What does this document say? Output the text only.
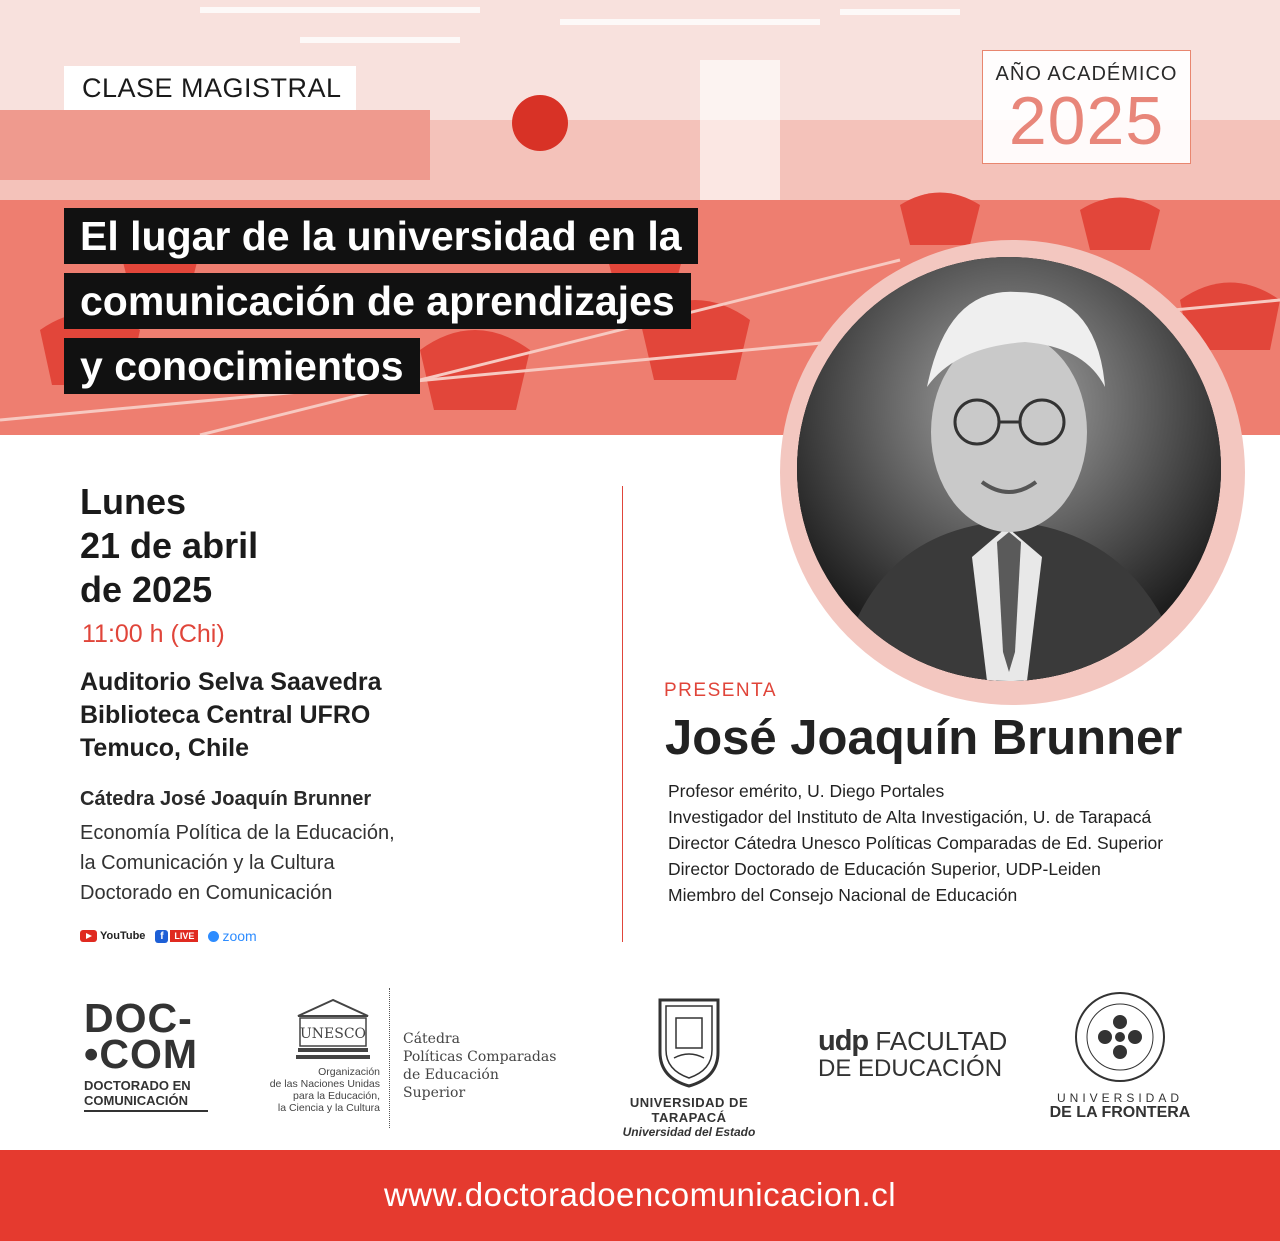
CLASE MAGISTRAL	AÑO ACADÉMICO
2025
El lugar de la universidad en la
comunicación de aprendizajes
y conocimientos
Lunes
21 de abril
de 2025
11:00 h (Chi)
Auditorio Selva Saavedra
Biblioteca Central UFRO
Temuco, Chile
Cátedra José Joaquín Brunner
Economía Política de la Educación,
la Comunicación y la Cultura
Doctorado en Comunicación
YouTube	f	LIVE zoom
PRESENTA
José Joaquín Brunner
Profesor emérito, U. Diego Portales
Investigador del Instituto de Alta Investigación, U. de Tarapacá
Director Cátedra Unesco Políticas Comparadas de Ed. Superior
Director Doctorado de Educación Superior, UDP-Leiden
Miembro del Consejo Nacional de Educación
DOC-
•COM
DOCTORADO EN
COMUNICACIÓN
UNESCO
Organización
de las Naciones Unidas
para la Educación,
la Ciencia y la Cultura
Cátedra
Políticas Comparadas
de Educación Superior
UNIVERSIDAD DE TARAPACÁ
Universidad del Estado
udp FACULTAD
DE EDUCACIÓN
UNIVERSIDAD
DE LA FRONTERA
www.doctoradoencomunicacion.cl
